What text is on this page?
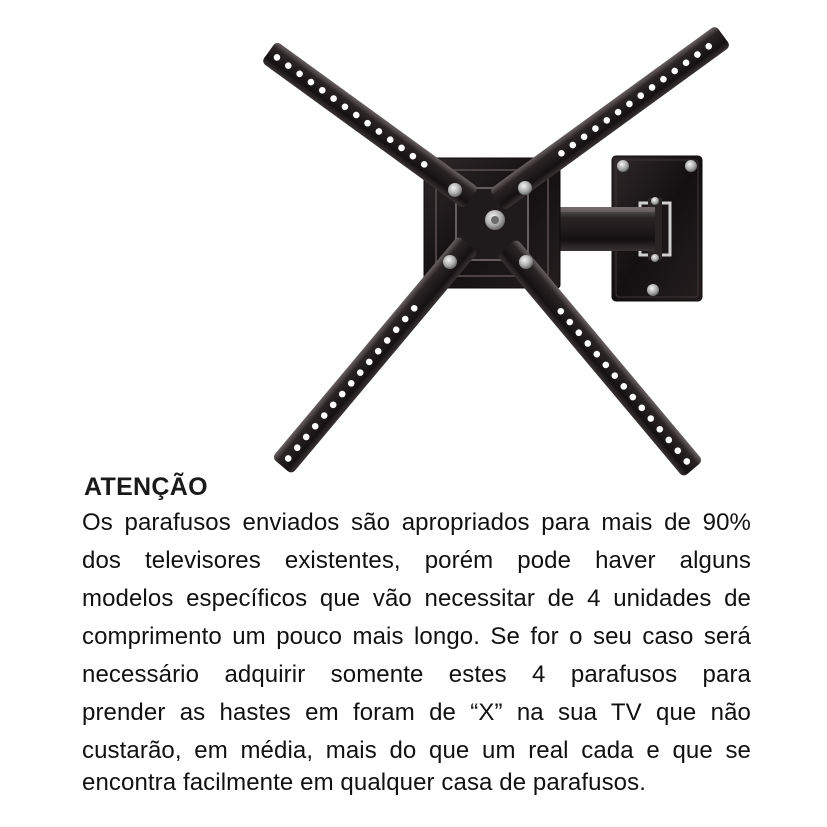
ATENÇÃO

Os parafusos enviados são apropriados para mais de 90%

dos televisores existentes, porém pode haver alguns

modelos específicos que vão necessitar de 4 unidades de

comprimento um pouco mais longo. Se for o seu caso será

necessário adquirir somente estes 4 parafusos para

prender as hastes em foram de “X” na sua TV que não

custarão, em média, mais do que um real cada e que se

encontra facilmente em qualquer casa de parafusos.
